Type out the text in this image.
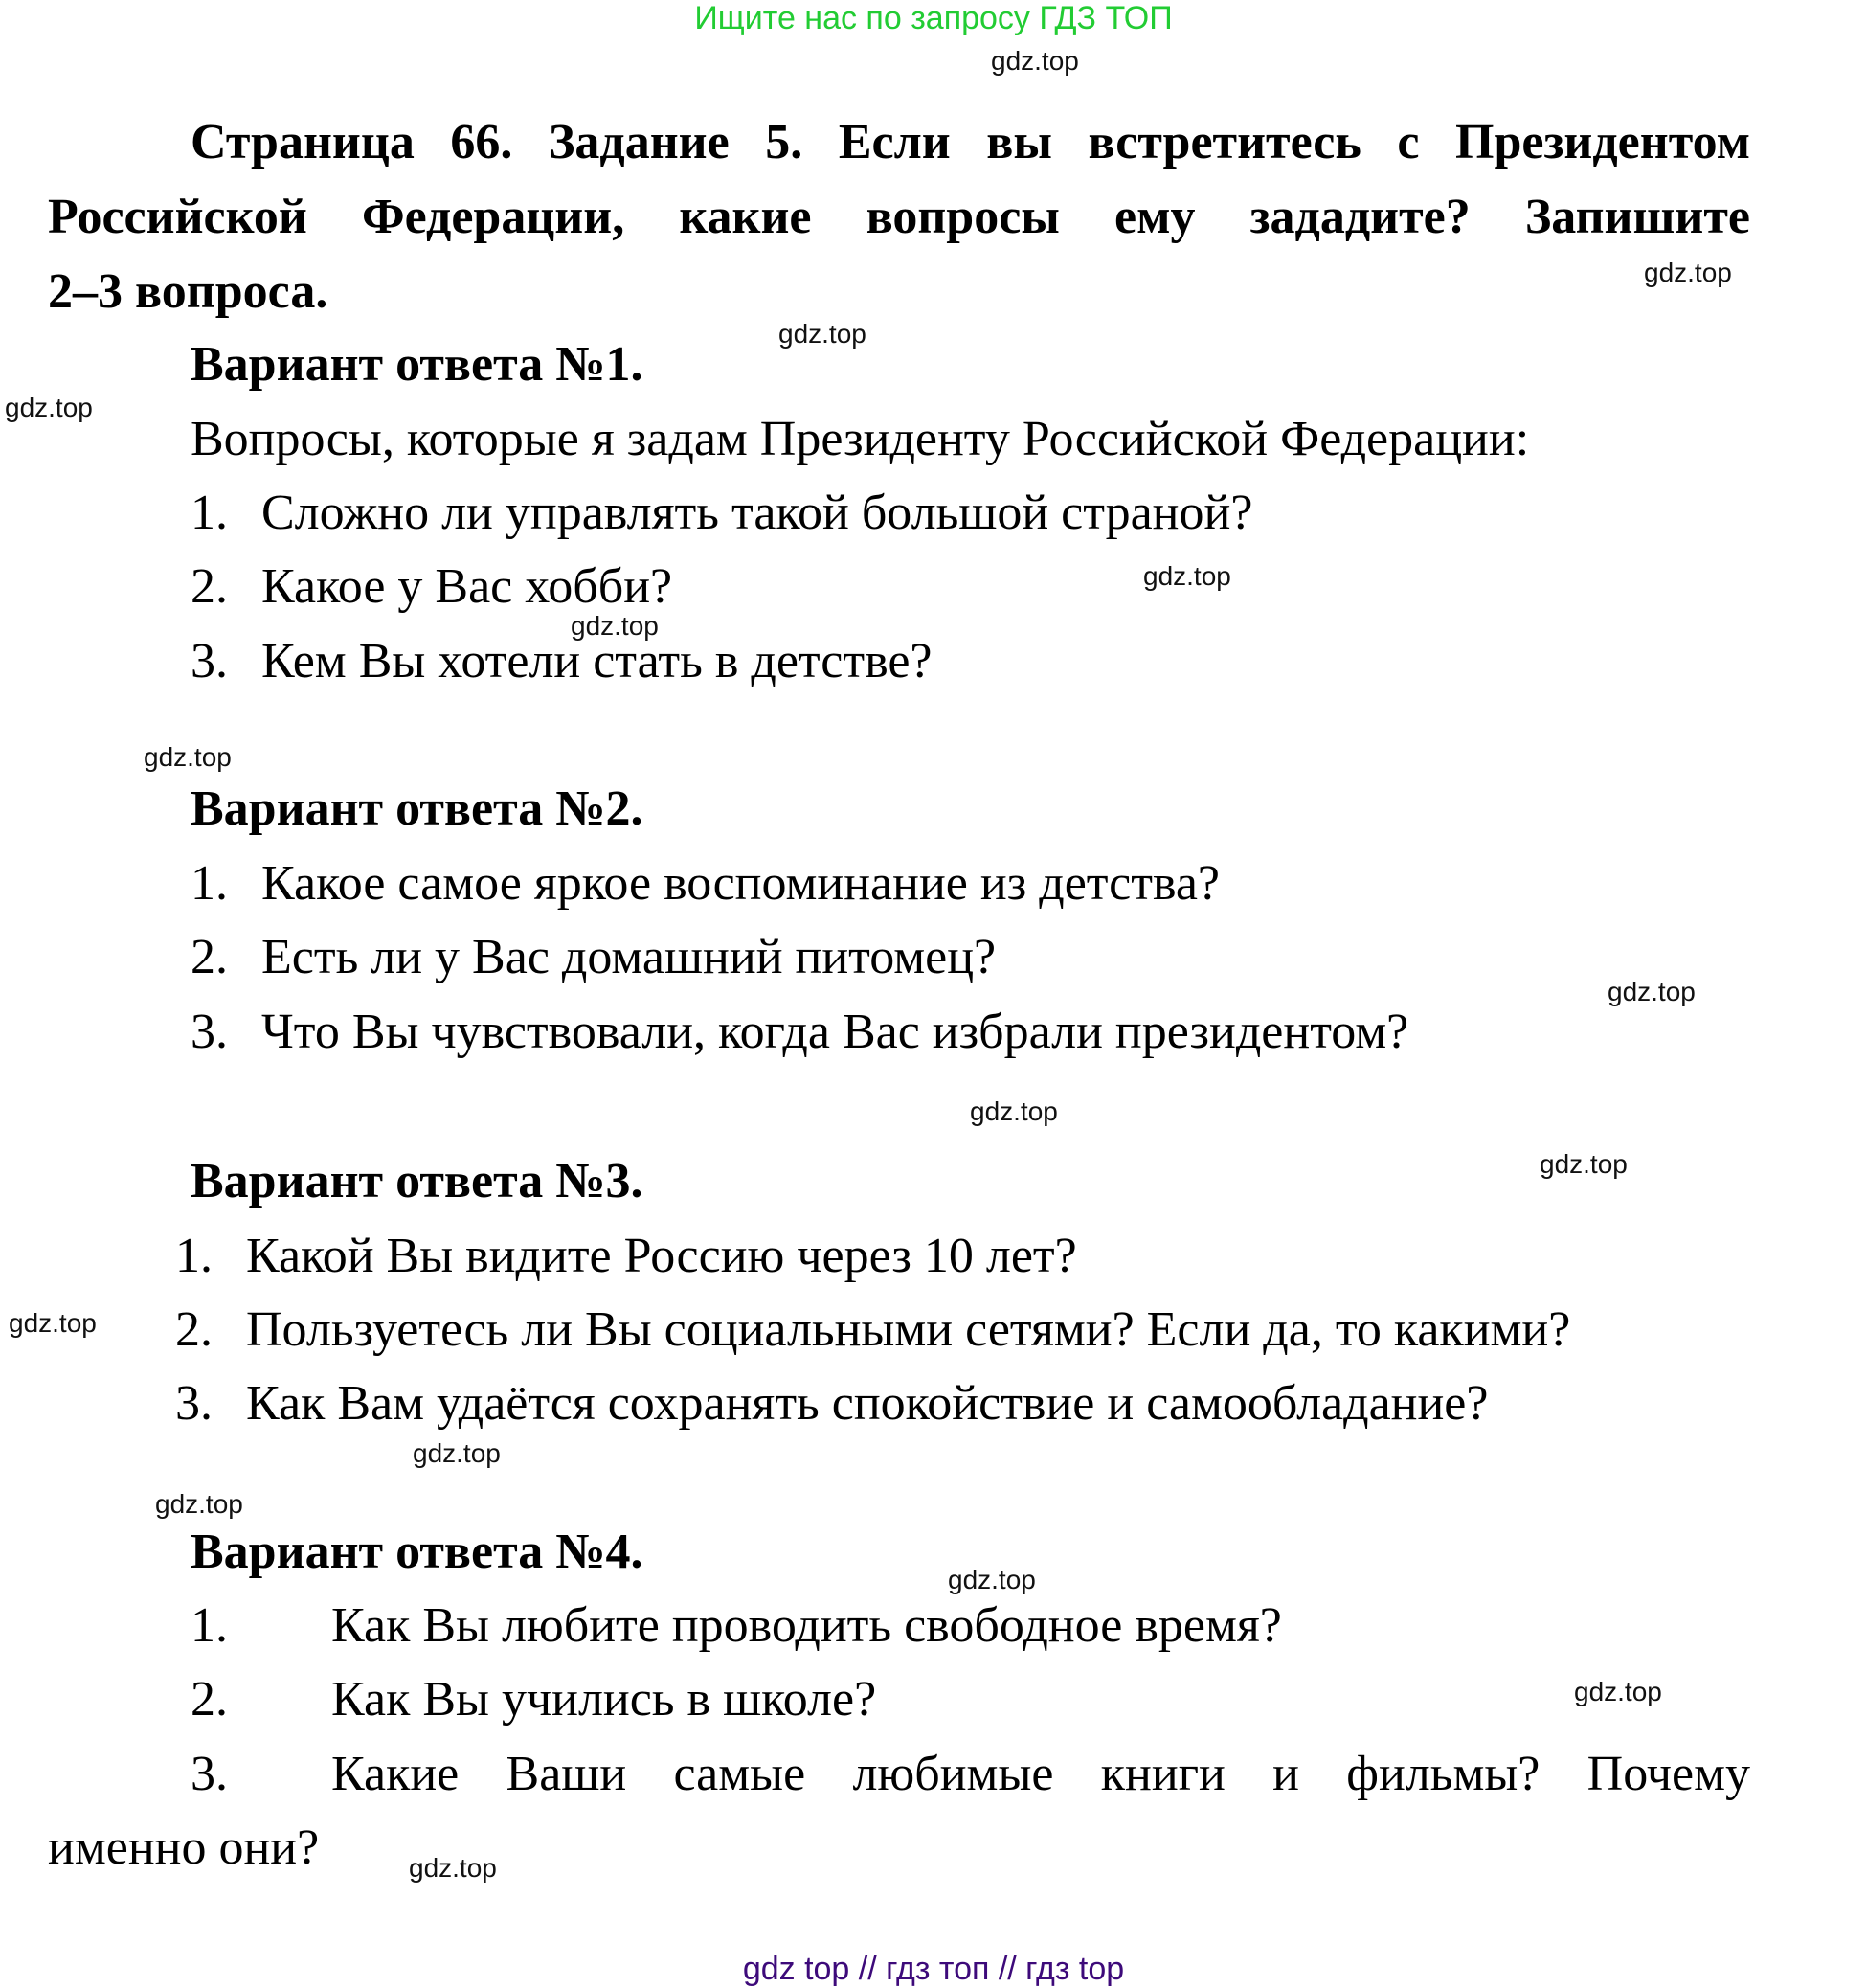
Ищите нас по запросу ГДЗ ТОП
Страница 66. Задание 5. Если вы встретитесь с Президентом
Российской Федерации, какие вопросы ему зададите? Запишите
2–3 вопроса.
Вариант ответа №1.
Вопросы, которые я задам Президенту Российской Федерации:
1. Сложно ли управлять такой большой страной?
2. Какое у Вас хобби?
3. Кем Вы хотели стать в детстве?
Вариант ответа №2.
1. Какое самое яркое воспоминание из детства?
2. Есть ли у Вас домашний питомец?
3. Что Вы чувствовали, когда Вас избрали президентом?
Вариант ответа №3.
1. Какой Вы видите Россию через 10 лет?
2. Пользуетесь ли Вы социальными сетями? Если да, то какими?
3. Как Вам удаётся сохранять спокойствие и самообладание?
Вариант ответа №4.
1. Как Вы любите проводить свободное время?
2. Как Вы учились в школе?
3. Какие Ваши самые любимые книги и фильмы? Почему
именно они?
gdz.top
gdz.top
gdz.top
gdz.top
gdz.top
gdz.top
gdz.top
gdz.top
gdz.top
gdz.top
gdz.top
gdz.top
gdz.top
gdz.top
gdz.top
gdz.top
gdz top // гдз топ // гдз top
